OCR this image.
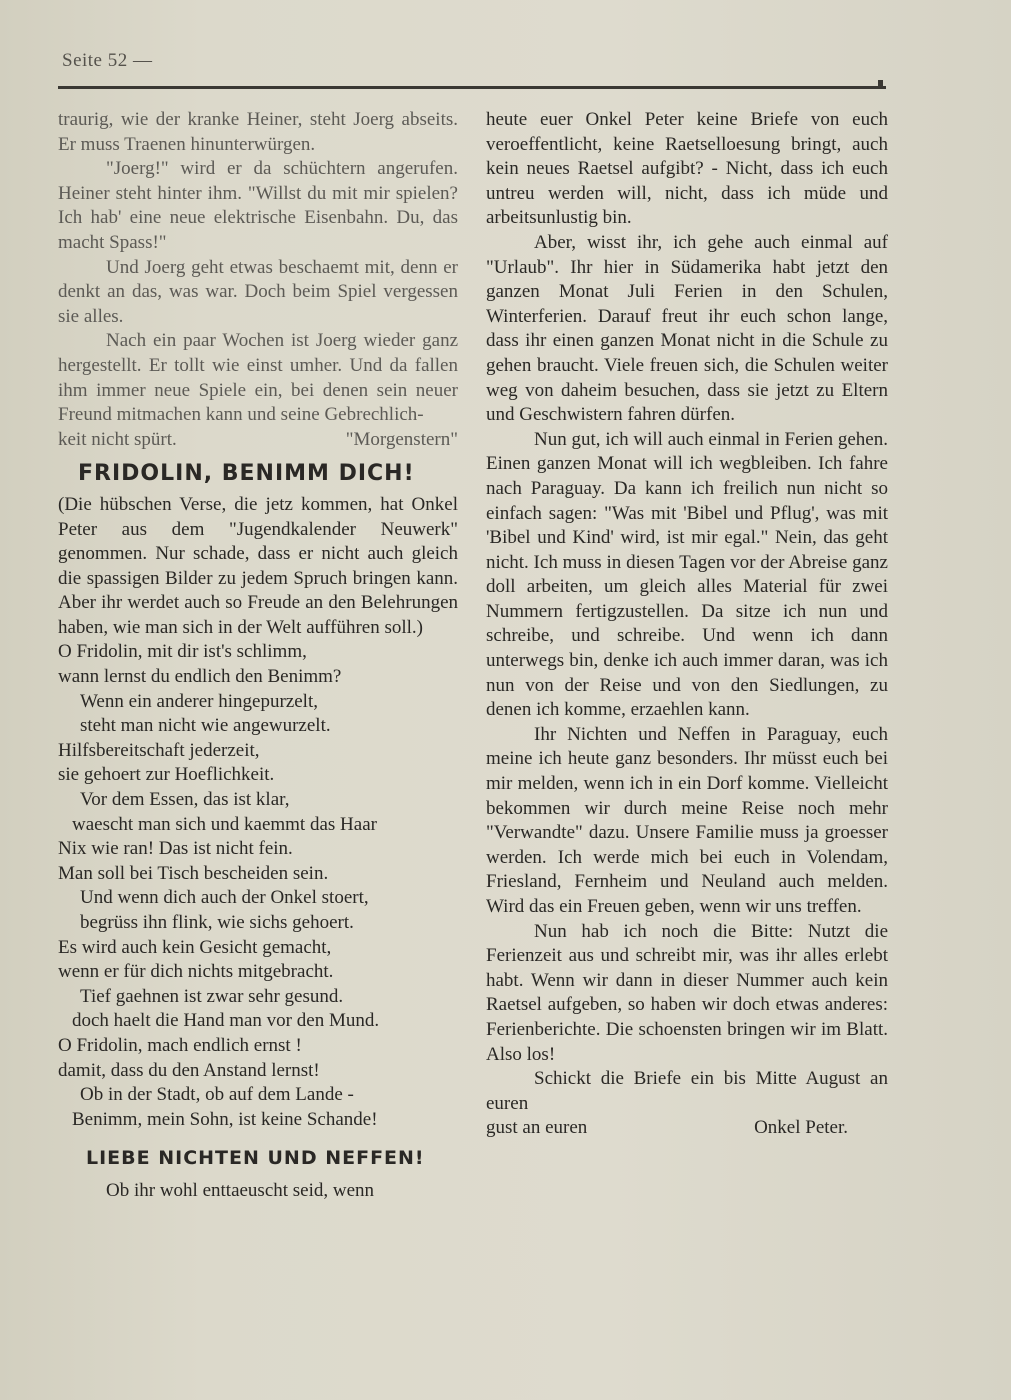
Seite 52 —

traurig, wie der kranke Heiner, steht Joerg abseits. Er muss Traenen hinunterwürgen.

"Joerg!" wird er da schüchtern angerufen. Heiner steht hinter ihm. "Willst du mit mir spielen? Ich hab' eine neue elektrische Eisenbahn. Du, das macht Spass!"

Und Joerg geht etwas beschaemt mit, denn er denkt an das, was war. Doch beim Spiel vergessen sie alles.

Nach ein paar Wochen ist Joerg wieder ganz hergestellt. Er tollt wie einst umher. Und da fallen ihm immer neue Spiele ein, bei denen sein neuer Freund mitmachen kann und seine Gebrechlich-

keit nicht spürt.	"Morgenstern"
FRIDOLIN, BENIMM DICH!

(Die hübschen Verse, die jetz kommen, hat Onkel Peter aus dem "Jugendkalender Neuwerk" genommen. Nur schade, dass er nicht auch gleich die spassigen Bilder zu jedem Spruch bringen kann. Aber ihr werdet auch so Freude an den Belehrungen haben, wie man sich in der Welt aufführen soll.)

O Fridolin, mit dir ist's schlimm,

wann lernst du endlich den Benimm?

Wenn ein anderer hingepurzelt,

steht man nicht wie angewurzelt.

Hilfsbereitschaft jederzeit,

sie gehoert zur Hoeflichkeit.

Vor dem Essen, das ist klar,

waescht man sich und kaemmt das Haar

Nix wie ran! Das ist nicht fein.

Man soll bei Tisch bescheiden sein.

Und wenn dich auch der Onkel stoert,

begrüss ihn flink, wie sichs gehoert.

Es wird auch kein Gesicht gemacht,

wenn er für dich nichts mitgebracht.

Tief gaehnen ist zwar sehr gesund.

doch haelt die Hand man vor den Mund.

O Fridolin, mach endlich ernst !

damit, dass du den Anstand lernst!

Ob in der Stadt, ob auf dem Lande -

Benimm, mein Sohn, ist keine Schande!

LIEBE NICHTEN UND NEFFEN!

Ob ihr wohl enttaeuscht seid, wenn

heute euer Onkel Peter keine Briefe von euch veroeffentlicht, keine Raetselloesung bringt, auch kein neues Raetsel aufgibt? - Nicht, dass ich euch untreu werden will, nicht, dass ich müde und arbeitsunlustig bin.

Aber, wisst ihr, ich gehe auch einmal auf "Urlaub". Ihr hier in Südamerika habt jetzt den ganzen Monat Juli Ferien in den Schulen, Winterferien. Darauf freut ihr euch schon lange, dass ihr einen ganzen Monat nicht in die Schule zu gehen braucht. Viele freuen sich, die Schulen weiter weg von daheim besuchen, dass sie jetzt zu Eltern und Geschwistern fahren dürfen.

Nun gut, ich will auch einmal in Ferien gehen. Einen ganzen Monat will ich wegbleiben. Ich fahre nach Paraguay. Da kann ich freilich nun nicht so einfach sagen: "Was mit 'Bibel und Pflug', was mit 'Bibel und Kind' wird, ist mir egal." Nein, das geht nicht. Ich muss in diesen Tagen vor der Abreise ganz doll arbeiten, um gleich alles Material für zwei Nummern fertigzustellen. Da sitze ich nun und schreibe, und schreibe. Und wenn ich dann unterwegs bin, denke ich auch immer daran, was ich nun von der Reise und von den Siedlungen, zu denen ich komme, erzaehlen kann.

Ihr Nichten und Neffen in Paraguay, euch meine ich heute ganz besonders. Ihr müsst euch bei mir melden, wenn ich in ein Dorf komme. Vielleicht bekommen wir durch meine Reise noch mehr "Verwandte" dazu. Unsere Familie muss ja groesser werden. Ich werde mich bei euch in Volendam, Friesland, Fernheim und Neuland auch melden. Wird das ein Freuen geben, wenn wir uns treffen.

Nun hab ich noch die Bitte: Nutzt die Ferienzeit aus und schreibt mir, was ihr alles erlebt habt. Wenn wir dann in dieser Nummer auch kein Raetsel aufgeben, so haben wir doch etwas anderes: Ferienberichte. Die schoensten bringen wir im Blatt. Also los!

Schickt die Briefe ein bis Mitte August an euren

gust an euren	Onkel Peter.
